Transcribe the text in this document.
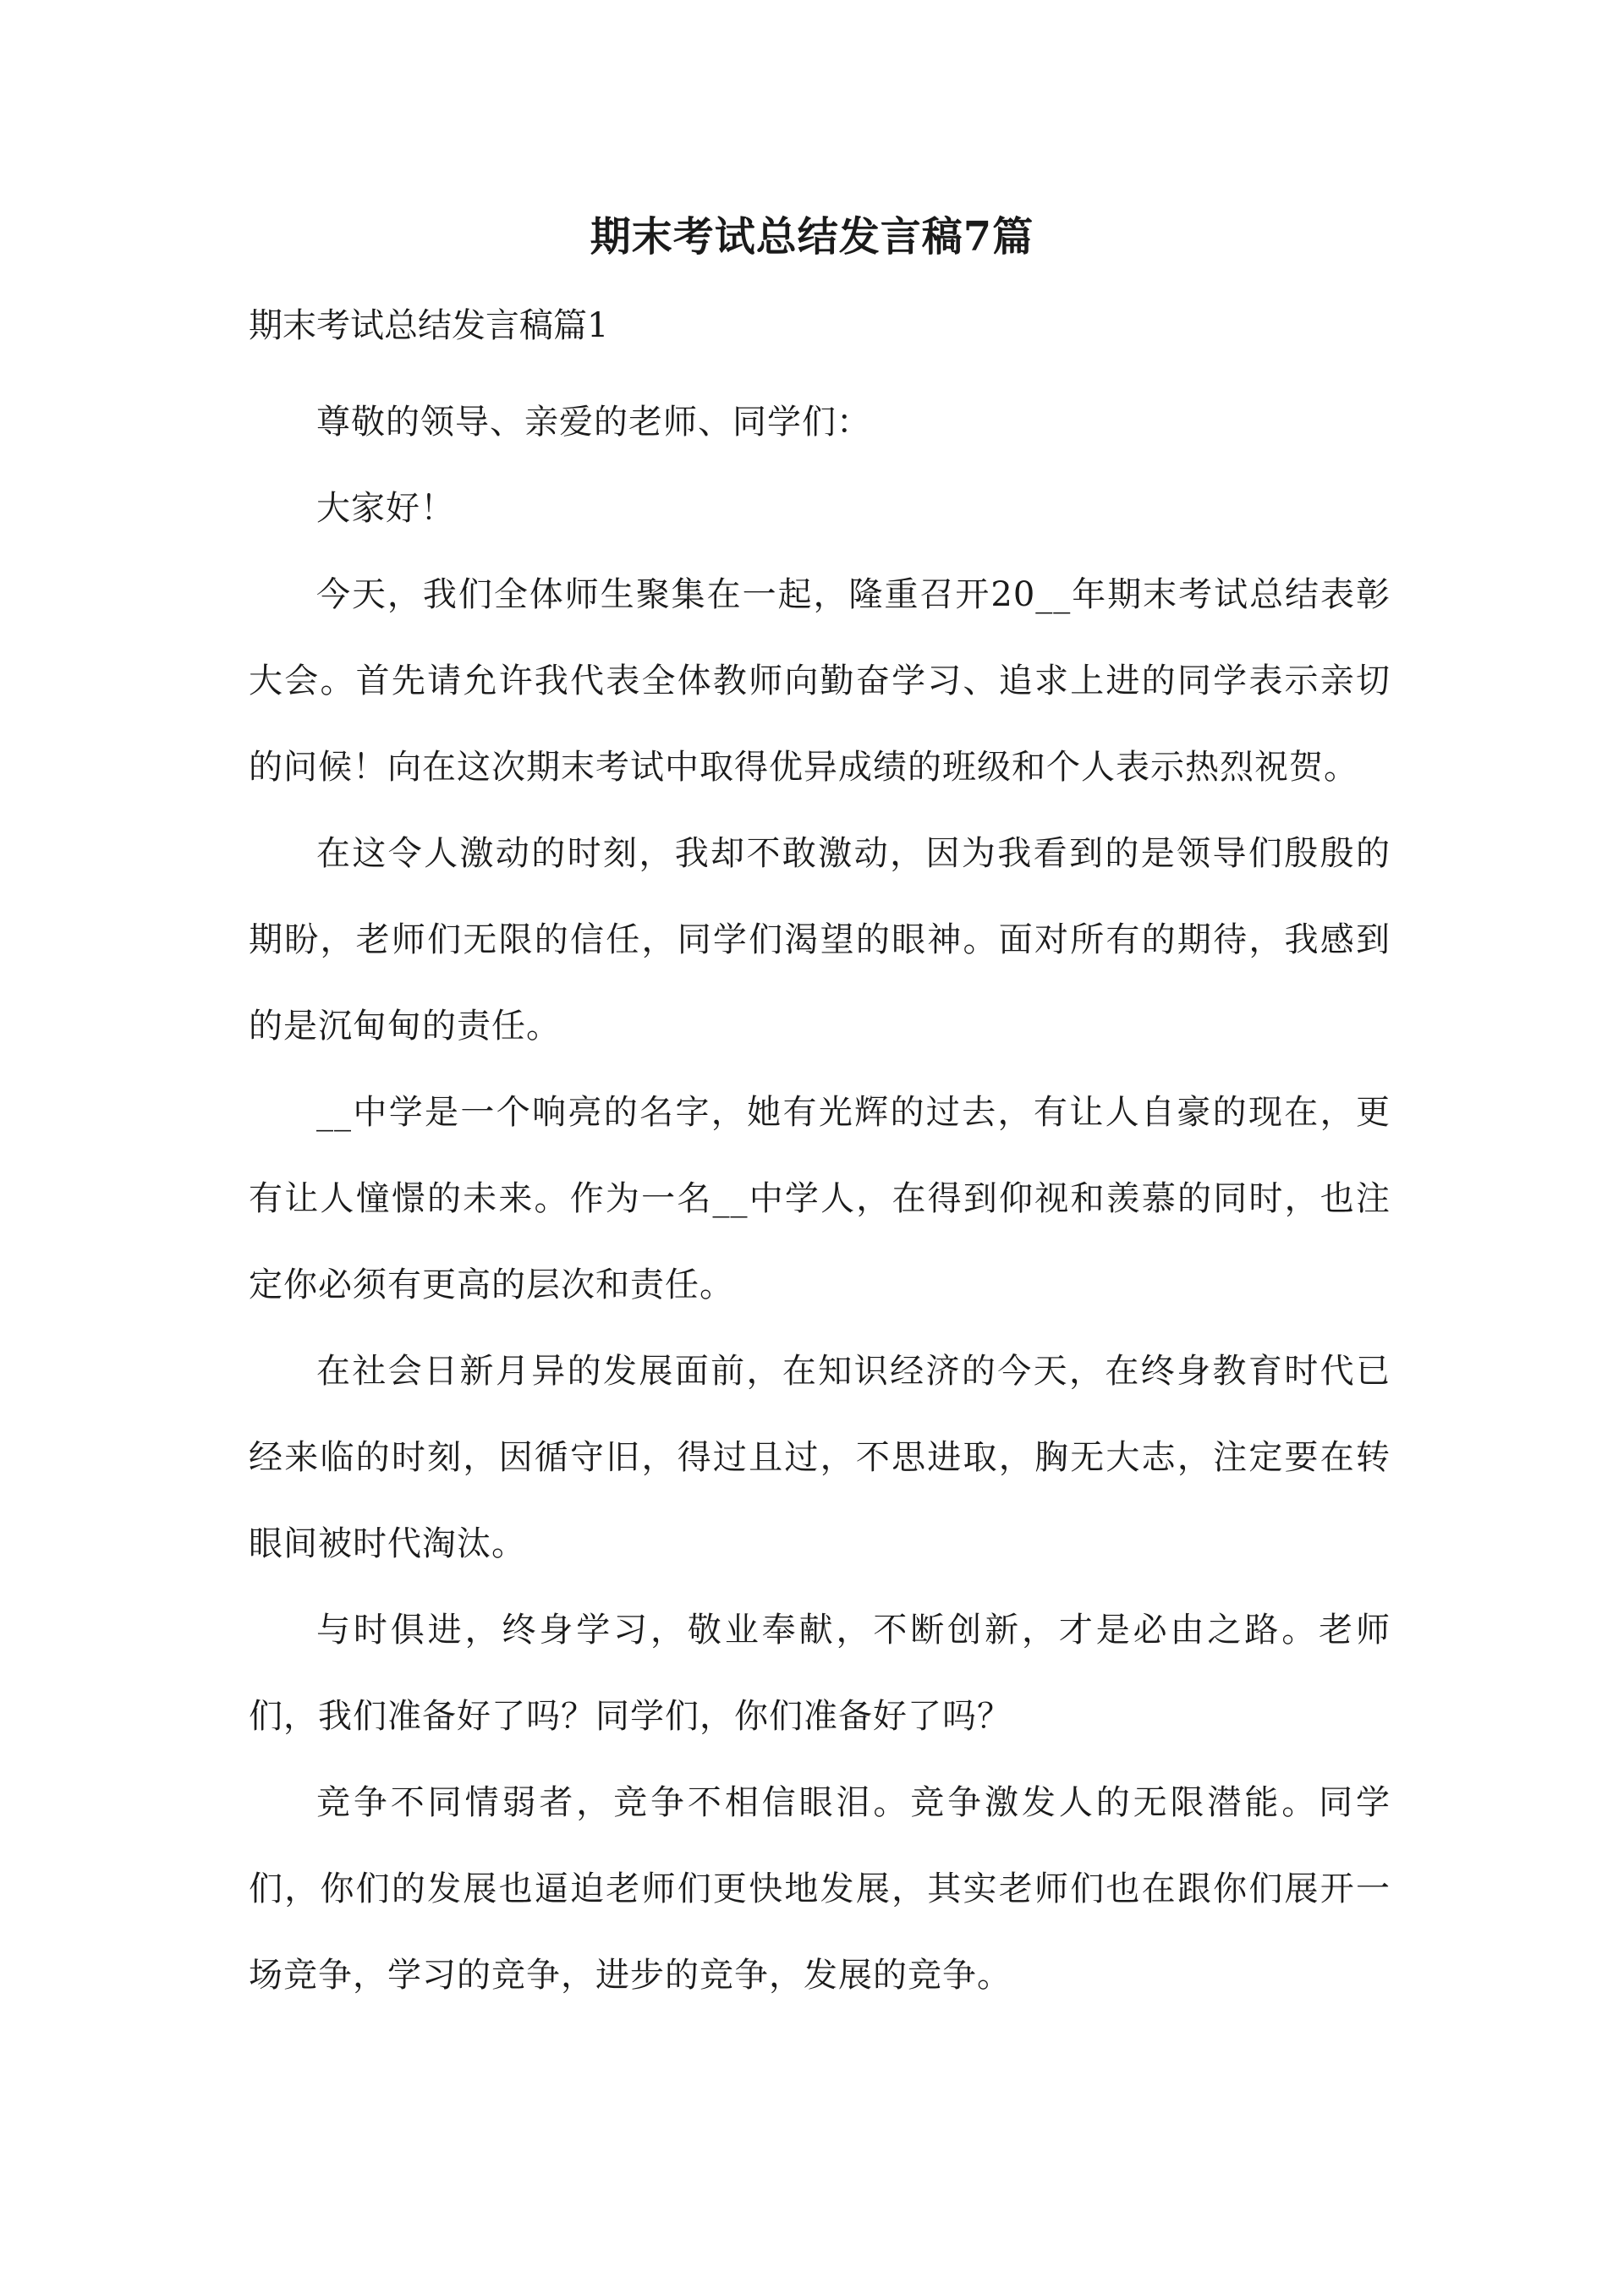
期末考试总结发言稿7篇
期末考试总结发言稿篇1

尊敬的领导、亲爱的老师、同学们：

大家好！

今天，我们全体师生聚集在一起，隆重召开20__年期末考试总结表彰大会。首先请允许我代表全体教师向勤奋学习、追求上进的同学表示亲切的问候！向在这次期末考试中取得优异成绩的班级和个人表示热烈祝贺。

在这令人激动的时刻，我却不敢激动，因为我看到的是领导们殷殷的期盼，老师们无限的信任，同学们渴望的眼神。面对所有的期待，我感到的是沉甸甸的责任。

__中学是一个响亮的名字，她有光辉的过去，有让人自豪的现在，更有让人憧憬的未来。作为一名__中学人，在得到仰视和羡慕的同时，也注定你必须有更高的层次和责任。

在社会日新月异的发展面前，在知识经济的今天，在终身教育时代已经来临的时刻，因循守旧，得过且过，不思进取，胸无大志，注定要在转眼间被时代淘汰。

与时俱进，终身学习，敬业奉献，不断创新，才是必由之路。老师们，我们准备好了吗？同学们，你们准备好了吗？

竞争不同情弱者，竞争不相信眼泪。竞争激发人的无限潜能。同学们，你们的发展也逼迫老师们更快地发展，其实老师们也在跟你们展开一场竞争，学习的竞争，进步的竞争，发展的竞争。
